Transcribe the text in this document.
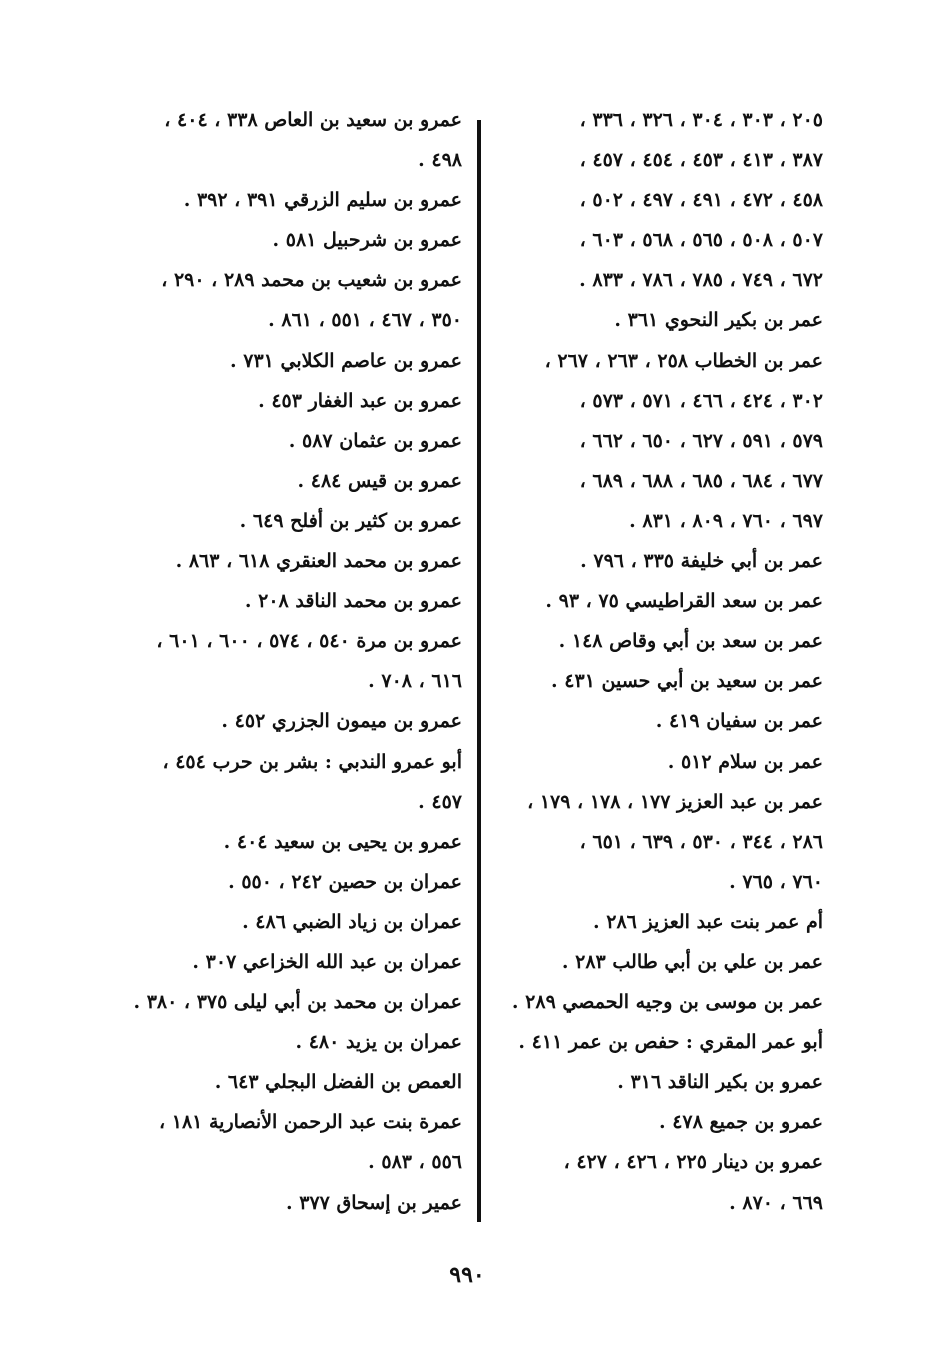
٢٠٥ ، ٣٠٣ ، ٣٠٤ ، ٣٢٦ ، ٣٣٦ ،
٣٨٧ ، ٤١٣ ، ٤٥٣ ، ٤٥٤ ، ٤٥٧ ،
٤٥٨ ، ٤٧٢ ، ٤٩١ ، ٤٩٧ ، ٥٠٢ ،
٥٠٧ ، ٥٠٨ ، ٥٦٥ ، ٥٦٨ ، ٦٠٣ ،
٦٧٢ ، ٧٤٩ ، ٧٨٥ ، ٧٨٦ ، ٨٣٣ .
عمر بن بكير النحوي ٣٦١ .
عمر بن الخطاب ٢٥٨ ، ٢٦٣ ، ٢٦٧ ،
٣٠٢ ، ٤٢٤ ، ٤٦٦ ، ٥٧١ ، ٥٧٣ ،
٥٧٩ ، ٥٩١ ، ٦٢٧ ، ٦٥٠ ، ٦٦٢ ،
٦٧٧ ، ٦٨٤ ، ٦٨٥ ، ٦٨٨ ، ٦٨٩ ،
٦٩٧ ، ٧٦٠ ، ٨٠٩ ، ٨٣١ .
عمر بن أبي خليفة ٣٣٥ ، ٧٩٦ .
عمر بن سعد القراطيسي ٧٥ ، ٩٣ .
عمر بن سعد بن أبي وقاص ١٤٨ .
عمر بن سعيد بن أبي حسين ٤٣١ .
عمر بن سفيان ٤١٩ .
عمر بن سلام ٥١٢ .
عمر بن عبد العزيز ١٧٧ ، ١٧٨ ، ١٧٩ ،
٢٨٦ ، ٣٤٤ ، ٥٣٠ ، ٦٣٩ ، ٦٥١ ،
٧٦٠ ، ٧٦٥ .
أم عمر بنت عبد العزيز ٢٨٦ .
عمر بن علي بن أبي طالب ٢٨٣ .
عمر بن موسى بن وجيه الحمصي ٢٨٩ .
أبو عمر المقري : حفص بن عمر ٤١١ .
عمرو بن بكير الناقد ٣١٦ .
عمرو بن جميع ٤٧٨ .
عمرو بن دينار ٢٢٥ ، ٤٢٦ ، ٤٢٧ ،
٦٦٩ ، ٨٧٠ .
عمرو بن سعيد بن العاص ٣٣٨ ، ٤٠٤ ،
٤٩٨ .
عمرو بن سليم الزرقي ٣٩١ ، ٣٩٢ .
عمرو بن شرحبيل ٥٨١ .
عمرو بن شعيب بن محمد ٢٨٩ ، ٢٩٠ ،
٣٥٠ ، ٤٦٧ ، ٥٥١ ، ٨٦١ .
عمرو بن عاصم الكلابي ٧٣١ .
عمرو بن عبد الغفار ٤٥٣ .
عمرو بن عثمان ٥٨٧ .
عمرو بن قيس ٤٨٤ .
عمرو بن كثير بن أفلح ٦٤٩ .
عمرو بن محمد العنقري ٦١٨ ، ٨٦٣ .
عمرو بن محمد الناقد ٢٠٨ .
عمرو بن مرة ٥٤٠ ، ٥٧٤ ، ٦٠٠ ، ٦٠١ ،
٦١٦ ، ٧٠٨ .
عمرو بن ميمون الجزري ٤٥٢ .
أبو عمرو الندبي : بشر بن حرب ٤٥٤ ،
٤٥٧ .
عمرو بن يحيى بن سعيد ٤٠٤ .
عمران بن حصين ٢٤٢ ، ٥٥٠ .
عمران بن زياد الضبي ٤٨٦ .
عمران بن عبد الله الخزاعي ٣٠٧ .
عمران بن محمد بن أبي ليلى ٣٧٥ ، ٣٨٠ .
عمران بن يزيد ٤٨٠ .
العمص بن الفضل البجلي ٦٤٣ .
عمرة بنت عبد الرحمن الأنصارية ١٨١ ،
٥٥٦ ، ٥٨٣ .
عمير بن إسحاق ٣٧٧ .
٩٩٠
